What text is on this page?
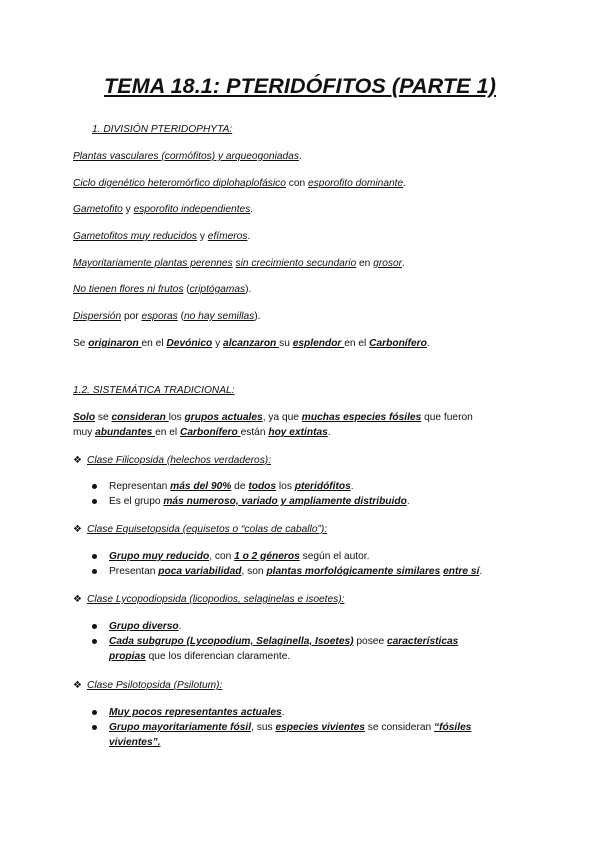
TEMA 18.1: PTERIDÓFITOS (PARTE 1)
1. DIVISIÓN PTERIDOPHYTA:
Plantas vasculares (cormófitos) y arqueogoniadas.
Ciclo digenético heteromórfico diplohaplofásico con esporofito dominante.
Gametofito y esporofito independientes.
Gametofitos muy reducidos y efímeros.
Mayoritariamente plantas perennes sin crecimiento secundario en grosor.
No tienen flores ni frutos (criptógamas).
Dispersión por esporas (no hay semillas).
Se originaron en el Devónico y alcanzaron su esplendor en el Carbonífero.
1.2. SISTEMÁTICA TRADICIONAL:
Solo se consideran los grupos actuales, ya que muchas especies fósiles que fueron
muy abundantes en el Carbonífero están hoy extintas.
❖ Clase Filicopsida (helechos verdaderos):
Representan más del 90% de todos los pteridófitos.
Es el grupo más numeroso, variado y ampliamente distribuido.
❖ Clase Equisetopsida (equisetos o “colas de caballo”):
Grupo muy reducido, con 1 o 2 géneros según el autor.
Presentan poca variabilidad, son plantas morfológicamente similares entre sí.
❖ Clase Lycopodiopsida (licopodios, selaginelas e isoetes):
Grupo diverso.
Cada subgrupo (Lycopodium, Selaginella, Isoetes) posee características
propias que los diferencian claramente.
❖ Clase Psilotopsida (Psilotum):
Muy pocos representantes actuales.
Grupo mayoritariamente fósil, sus especies vivientes se consideran “fósiles
vivientes”.
